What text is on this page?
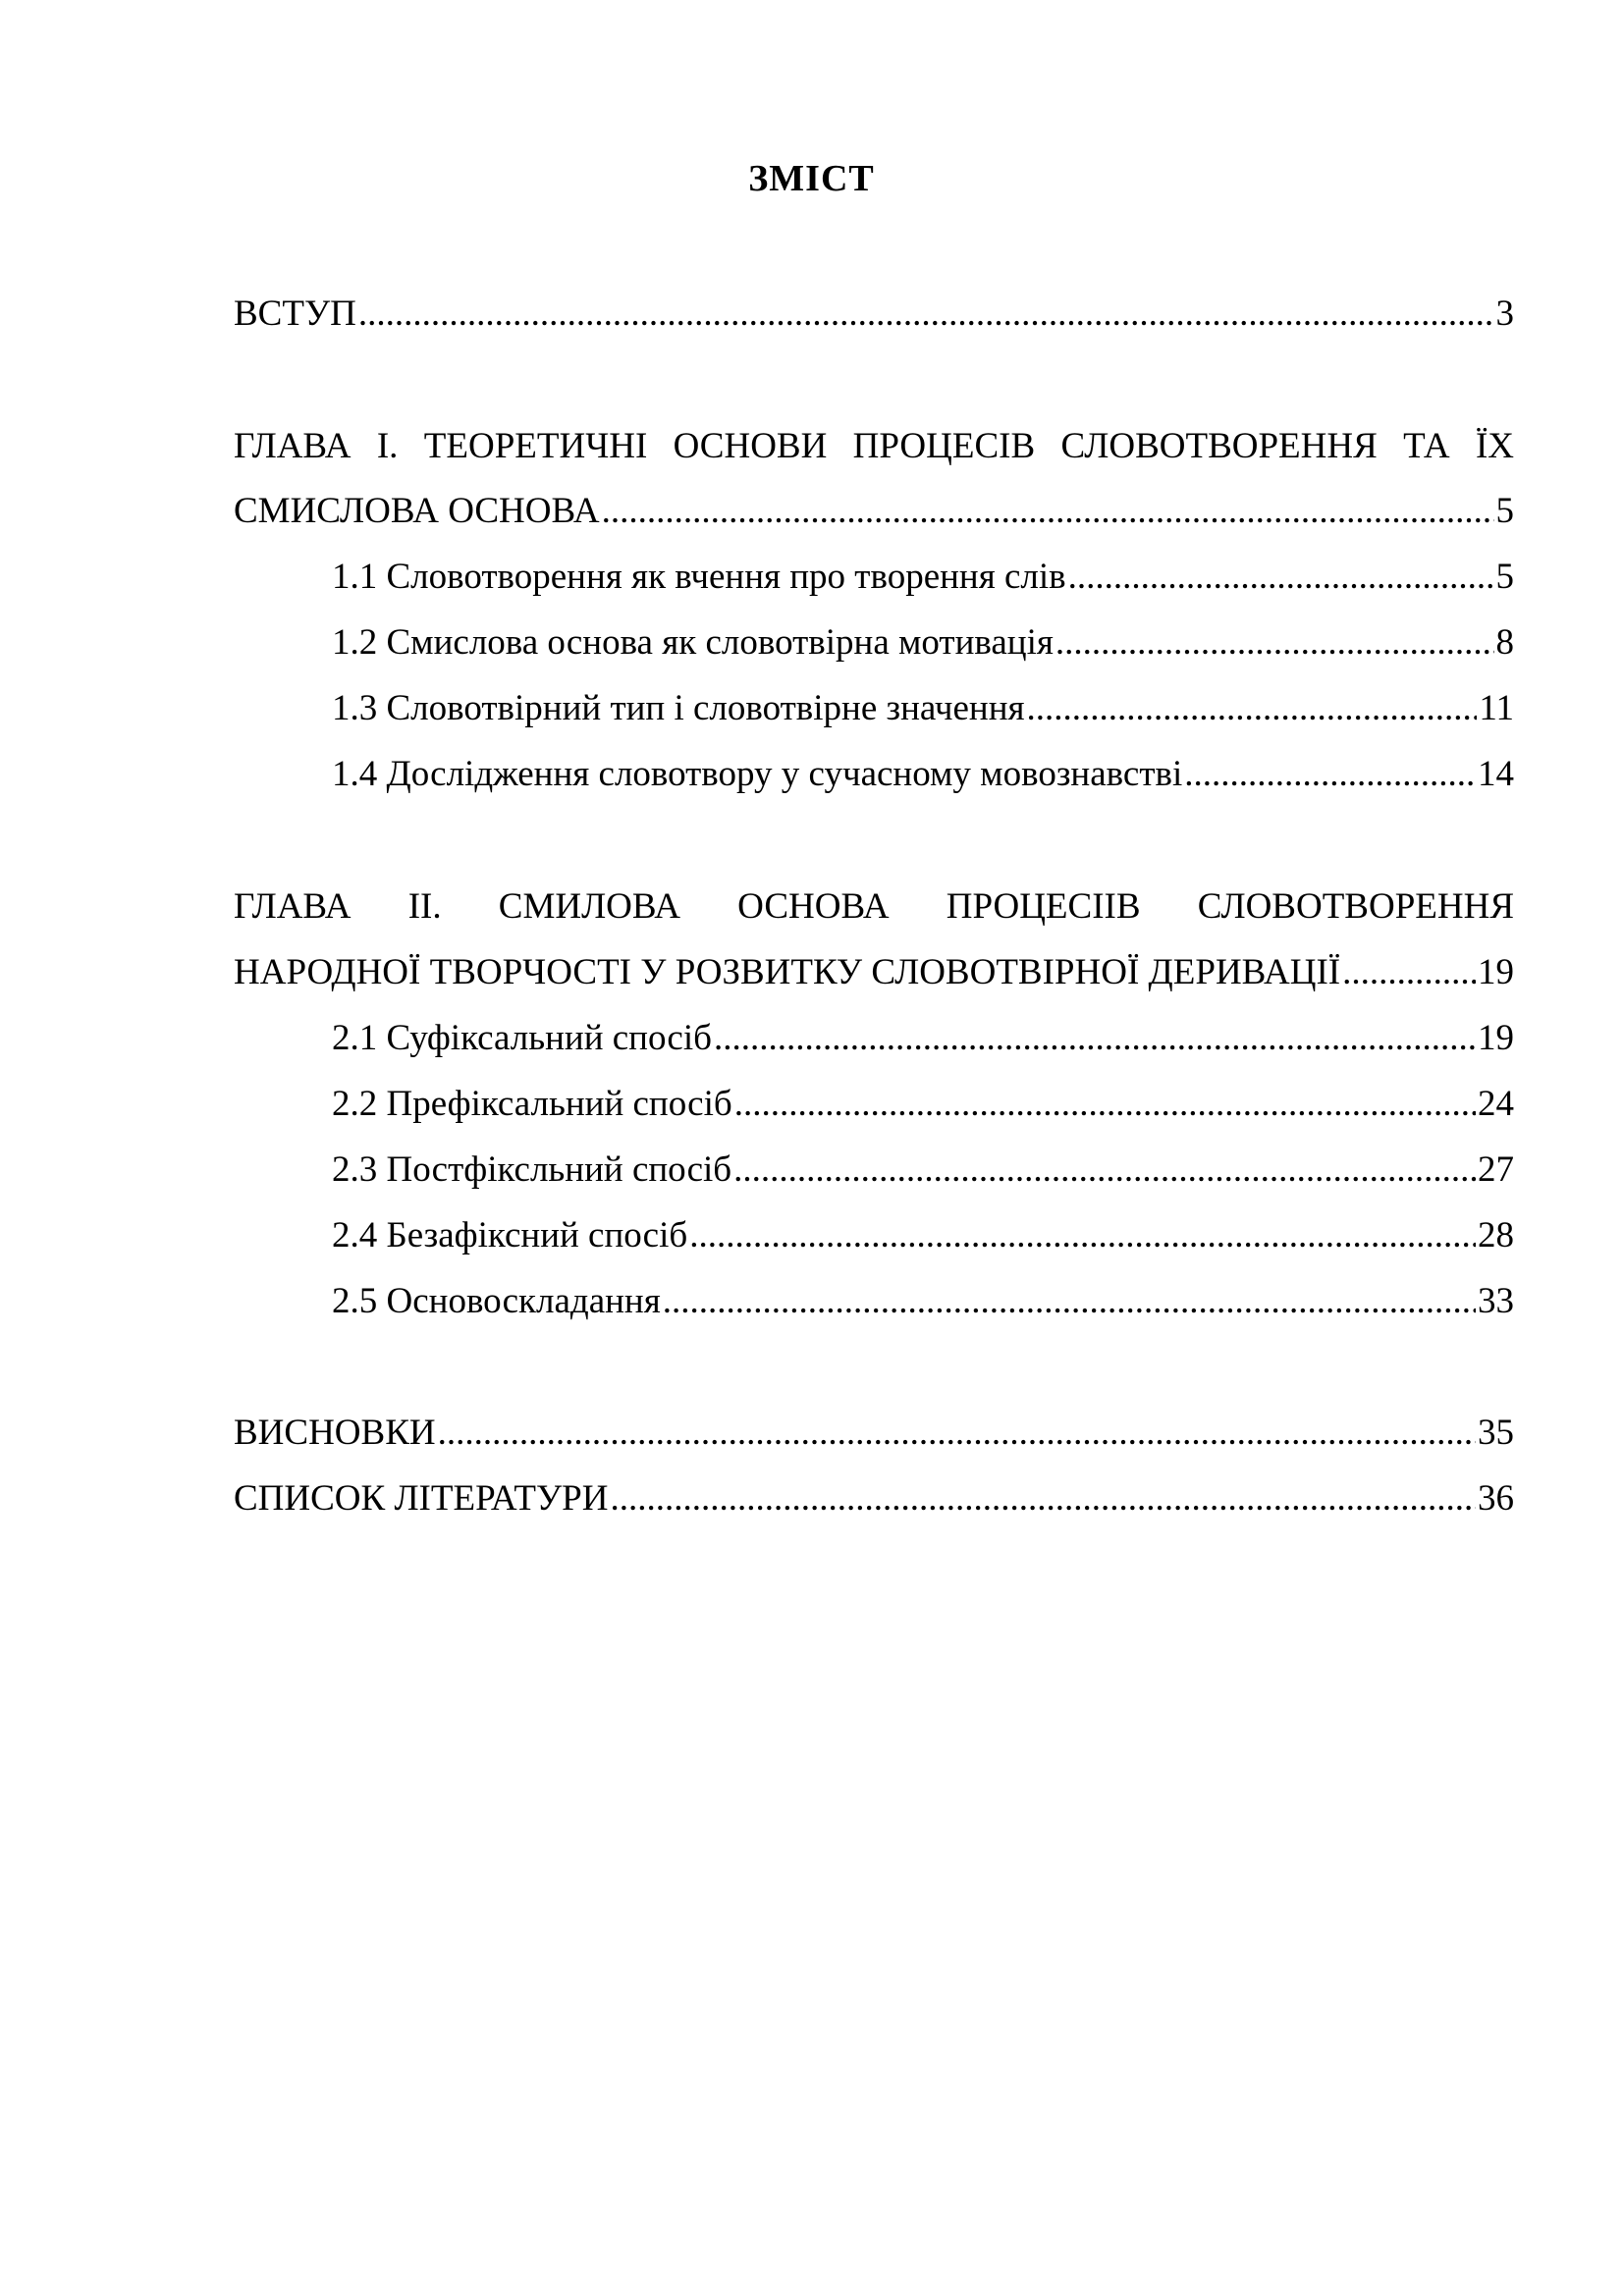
ЗМІСТ
ВСТУП .....	3
ГЛАВА І. ТЕОРЕТИЧНІ ОСНОВИ ПРОЦЕСІВ СЛОВОТВОРЕННЯ ТА ЇХ
СМИСЛОВА ОСНОВА .....	5
1.1 Словотворення як вчення про творення слів .....	5
1.2 Смислова основа як словотвірна мотивація .....	8
1.3 Словотвірний тип і словотвірне значення .....	11
1.4 Дослідження словотвору у сучасному мовознавстві .....	14
ГЛАВА ІІ. СМИЛОВА ОСНОВА ПРОЦЕСІІВ СЛОВОТВОРЕННЯ
НАРОДНОЇ ТВОРЧОСТІ У РОЗВИТКУ СЛОВОТВІРНОЇ ДЕРИВАЦІЇ .....	19
2.1 Суфіксальний спосіб .....	19
2.2 Префіксальний спосіб .....	24
2.3 Постфіксльний спосіб .....	27
2.4 Безафіксний спосіб .....	28
2.5 Основоскладання .....	33
ВИСНОВКИ .....	35
СПИСОК ЛІТЕРАТУРИ .....	36
